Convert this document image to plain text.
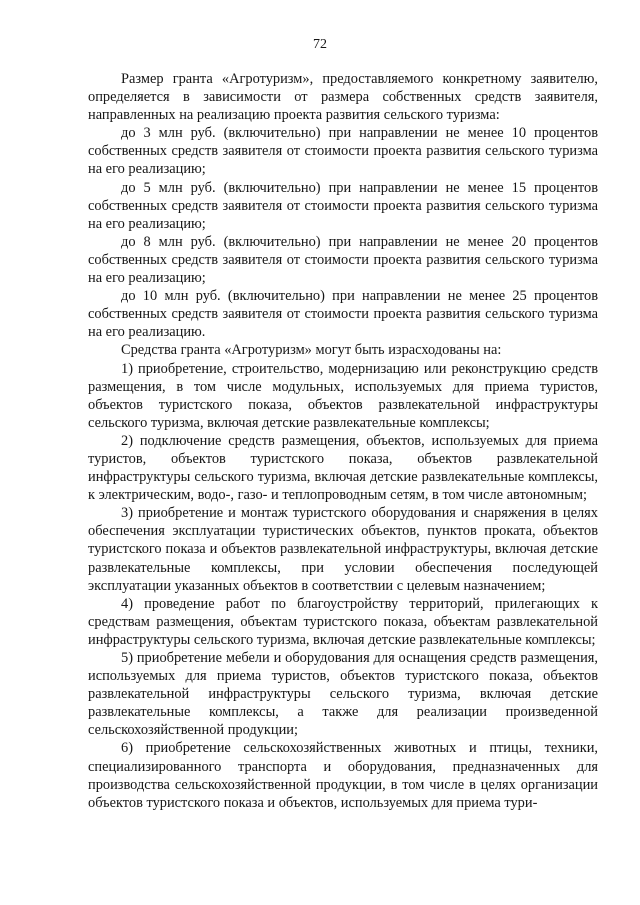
72

Размер гранта «Агротуризм», предоставляемого конкретному заявителю, определяется в зависимости от размера собственных средств заявителя, направленных на реализацию проекта развития сельского туризма:

до 3 млн руб. (включительно) при направлении не менее 10 процентов собственных средств заявителя от стоимости проекта развития сельского туризма на его реализацию;

до 5 млн руб. (включительно) при направлении не менее 15 процентов собственных средств заявителя от стоимости проекта развития сельского туризма на его реализацию;

до 8 млн руб. (включительно) при направлении не менее 20 процентов собственных средств заявителя от стоимости проекта развития сельского туризма на его реализацию;

до 10 млн руб. (включительно) при направлении не менее 25 процентов собственных средств заявителя от стоимости проекта развития сельского туризма на его реализацию.

Средства гранта «Агротуризм» могут быть израсходованы на:

1) приобретение, строительство, модернизацию или реконструкцию средств размещения, в том числе модульных, используемых для приема туристов, объектов туристского показа, объектов развлекательной инфраструктуры сельского туризма, включая детские развлекательные комплексы;

2) подключение средств размещения, объектов, используемых для приема туристов, объектов туристского показа, объектов развлекательной инфраструктуры сельского туризма, включая детские развлекательные комплексы, к электрическим, водо-, газо- и теплопроводным сетям, в том числе автономным;

3) приобретение и монтаж туристского оборудования и снаряжения в целях обеспечения эксплуатации туристических объектов, пунктов проката, объектов туристского показа и объектов развлекательной инфраструктуры, включая детские развлекательные комплексы, при условии обеспечения последующей эксплуатации указанных объектов в соответствии с целевым назначением;

4) проведение работ по благоустройству территорий, прилегающих к средствам размещения, объектам туристского показа, объектам развлекательной инфраструктуры сельского туризма, включая детские развлекательные комплексы;

5) приобретение мебели и оборудования для оснащения средств размещения, используемых для приема туристов, объектов туристского показа, объектов развлекательной инфраструктуры сельского туризма, включая детские развлекательные комплексы, а также для реализации произведенной сельскохозяйственной продукции;

6) приобретение сельскохозяйственных животных и птицы, техники, специализированного транспорта и оборудования, предназначенных для производства сельскохозяйственной продукции, в том числе в целях организации объектов туристского показа и объектов, используемых для приема тури-
